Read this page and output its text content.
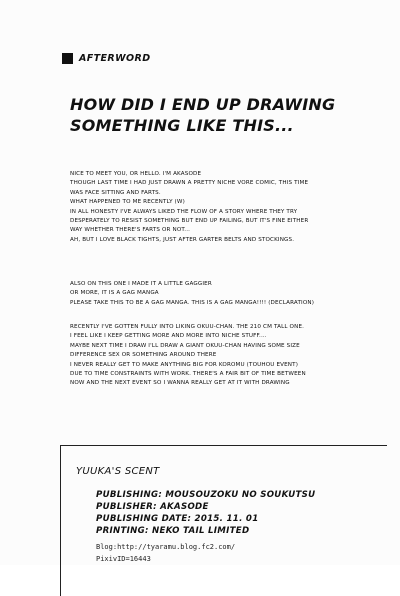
AFTERWORD
HOW DID I END UP DRAWING
SOMETHING LIKE THIS...
NICE TO MEET YOU, OR HELLO. I'M AKASODE
THOUGH LAST TIME I HAD JUST DRAWN A PRETTY NICHE VORE COMIC, THIS TIME
WAS FACE SITTING AND FARTS.
WHAT HAPPENED TO ME RECENTLY (W)
IN ALL HONESTY I'VE ALWAYS LIKED THE FLOW OF A STORY WHERE THEY TRY
DESPERATELY TO RESIST SOMETHING BUT END UP FAILING, BUT IT'S FINE EITHER
WAY WHETHER THERE'S FARTS OR NOT...
AH, BUT I LOVE BLACK TIGHTS, JUST AFTER GARTER BELTS AND STOCKINGS.
ALSO ON THIS ONE I MADE IT A LITTLE GAGGIER
OR MORE, IT IS A GAG MANGA
PLEASE TAKE THIS TO BE A GAG MANGA. THIS IS A GAG MANGA!!!! (DECLARATION)
RECENTLY I'VE GOTTEN FULLY INTO LIKING OKUU-CHAN. THE 210 CM TALL ONE.
I FEEL LIKE I KEEP GETTING MORE AND MORE INTO NICHE STUFF....
MAYBE NEXT TIME I DRAW I'LL DRAW A GIANT OKUU-CHAN HAVING SOME SIZE
DIFFERENCE SEX OR SOMETHING AROUND THERE
I NEVER REALLY GET TO MAKE ANYTHING BIG FOR KOROMU (TOUHOU EVENT)
DUE TO TIME CONSTRAINTS WITH WORK. THERE'S A FAIR BIT OF TIME BETWEEN
NOW AND THE NEXT EVENT SO I WANNA REALLY GET AT IT WITH DRAWING
YUUKA'S SCENT
PUBLISHING: MOUSOUZOKU NO SOUKUTSU
PUBLISHER: AKASODE
PUBLISHING DATE: 2015. 11. 01
PRINTING: NEKO TAIL LIMITED
Blog:http://tyaramu.blog.fc2.com/
PixivID=16443
